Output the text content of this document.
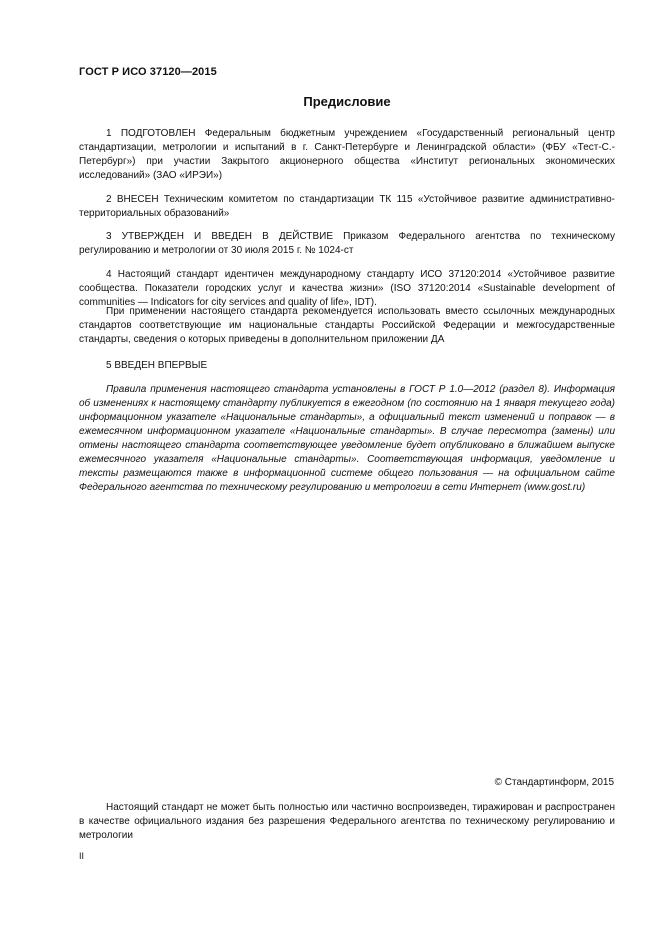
ГОСТ Р ИСО 37120—2015
Предисловие

1 ПОДГОТОВЛЕН Федеральным бюджетным учреждением «Государственный региональный центр стандартизации, метрологии и испытаний в г. Санкт-Петербурге и Ленинградской области» (ФБУ «Тест-С.-Петербург») при участии Закрытого акционерного общества «Институт региональных экономических исследований» (ЗАО «ИРЭИ»)

2 ВНЕСЕН Техническим комитетом по стандартизации ТК 115 «Устойчивое развитие административно-территориальных образований»

3 УТВЕРЖДЕН И ВВЕДЕН В ДЕЙСТВИЕ Приказом Федерального агентства по техническому регулированию и метрологии от 30 июля 2015 г. № 1024-ст

4 Настоящий стандарт идентичен международному стандарту ИСО 37120:2014 «Устойчивое развитие сообщества. Показатели городских услуг и качества жизни» (ISO 37120:2014 «Sustainable development of communities — Indicators for city services and quality of life», IDT).

При применении настоящего стандарта рекомендуется использовать вместо ссылочных международных стандартов соответствующие им национальные стандарты Российской Федерации и межгосударственные стандарты, сведения о которых приведены в дополнительном приложении ДА

5 ВВЕДЕН ВПЕРВЫЕ

Правила применения настоящего стандарта установлены в ГОСТ Р 1.0—2012 (раздел 8). Информация об изменениях к настоящему стандарту публикуется в ежегодном (по состоянию на 1 января текущего года) информационном указателе «Национальные стандарты», а официальный текст изменений и поправок — в ежемесячном информационном указателе «Национальные стандарты». В случае пересмотра (замены) или отмены настоящего стандарта соответствующее уведомление будет опубликовано в ближайшем выпуске ежемесячного указателя «Национальные стандарты». Соответствующая информация, уведомление и тексты размещаются также в информационной системе общего пользования — на официальном сайте Федерального агентства по техническому регулированию и метрологии в сети Интернет (www.gost.ru)

© Стандартинформ, 2015

Настоящий стандарт не может быть полностью или частично воспроизведен, тиражирован и распространен в качестве официального издания без разрешения Федерального агентства по техническому регулированию и метрологии

II
